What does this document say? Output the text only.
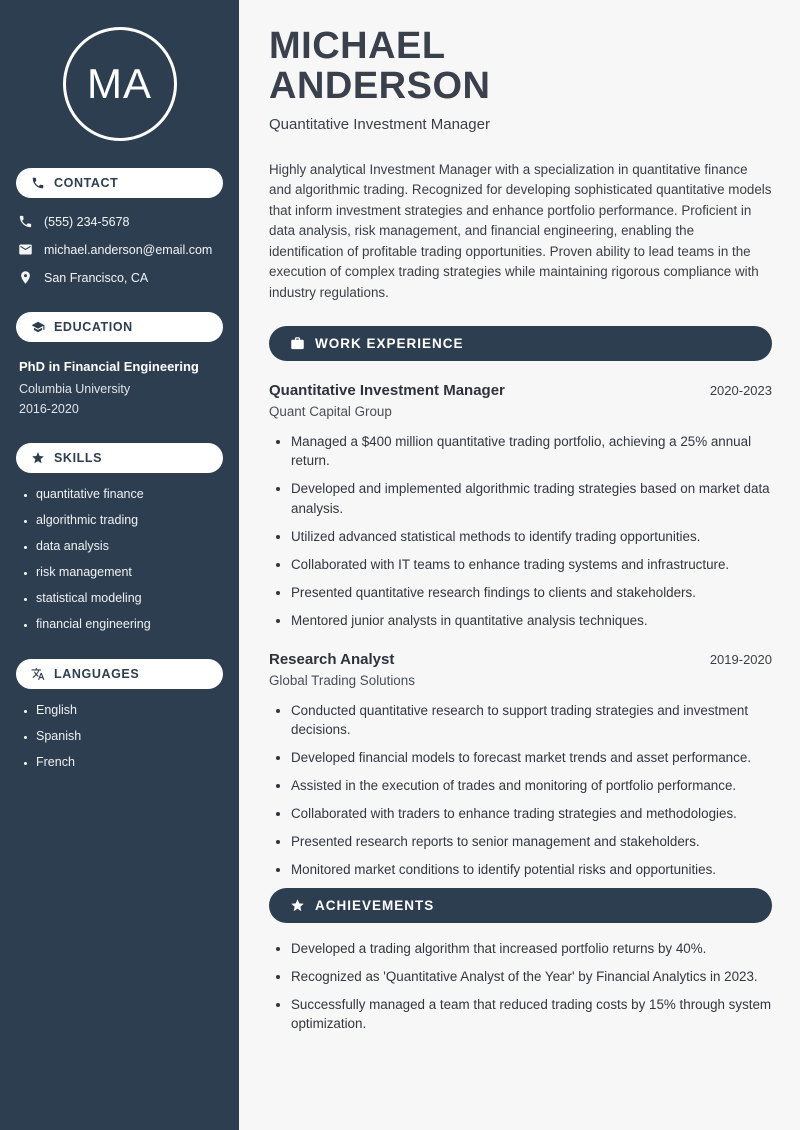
MA
CONTACT
(555) 234-5678
michael.anderson@email.com
San Francisco, CA
EDUCATION
PhD in Financial Engineering
Columbia University
2016-2020
SKILLS
• quantitative finance
• algorithmic trading
• data analysis
• risk management
• statistical modeling
• financial engineering
LANGUAGES
• English
• Spanish
• French
MICHAEL
ANDERSON
Quantitative Investment Manager

Highly analytical Investment Manager with a specialization in quantitative finance and algorithmic trading. Recognized for developing sophisticated quantitative models that inform investment strategies and enhance portfolio performance. Proficient in data analysis, risk management, and financial engineering, enabling the identification of profitable trading opportunities. Proven ability to lead teams in the execution of complex trading strategies while maintaining rigorous compliance with industry regulations.

WORK EXPERIENCE
Quantitative Investment Manager	2020-2023
Quant Capital Group
• Managed a $400 million quantitative trading portfolio, achieving a 25% annual return.
• Developed and implemented algorithmic trading strategies based on market data analysis.
• Utilized advanced statistical methods to identify trading opportunities.
• Collaborated with IT teams to enhance trading systems and infrastructure.
• Presented quantitative research findings to clients and stakeholders.
• Mentored junior analysts in quantitative analysis techniques.
Research Analyst	2019-2020
Global Trading Solutions
• Conducted quantitative research to support trading strategies and investment decisions.
• Developed financial models to forecast market trends and asset performance.
• Assisted in the execution of trades and monitoring of portfolio performance.
• Collaborated with traders to enhance trading strategies and methodologies.
• Presented research reports to senior management and stakeholders.
• Monitored market conditions to identify potential risks and opportunities.
ACHIEVEMENTS
• Developed a trading algorithm that increased portfolio returns by 40%.
• Recognized as 'Quantitative Analyst of the Year' by Financial Analytics in 2023.
• Successfully managed a team that reduced trading costs by 15% through system optimization.
